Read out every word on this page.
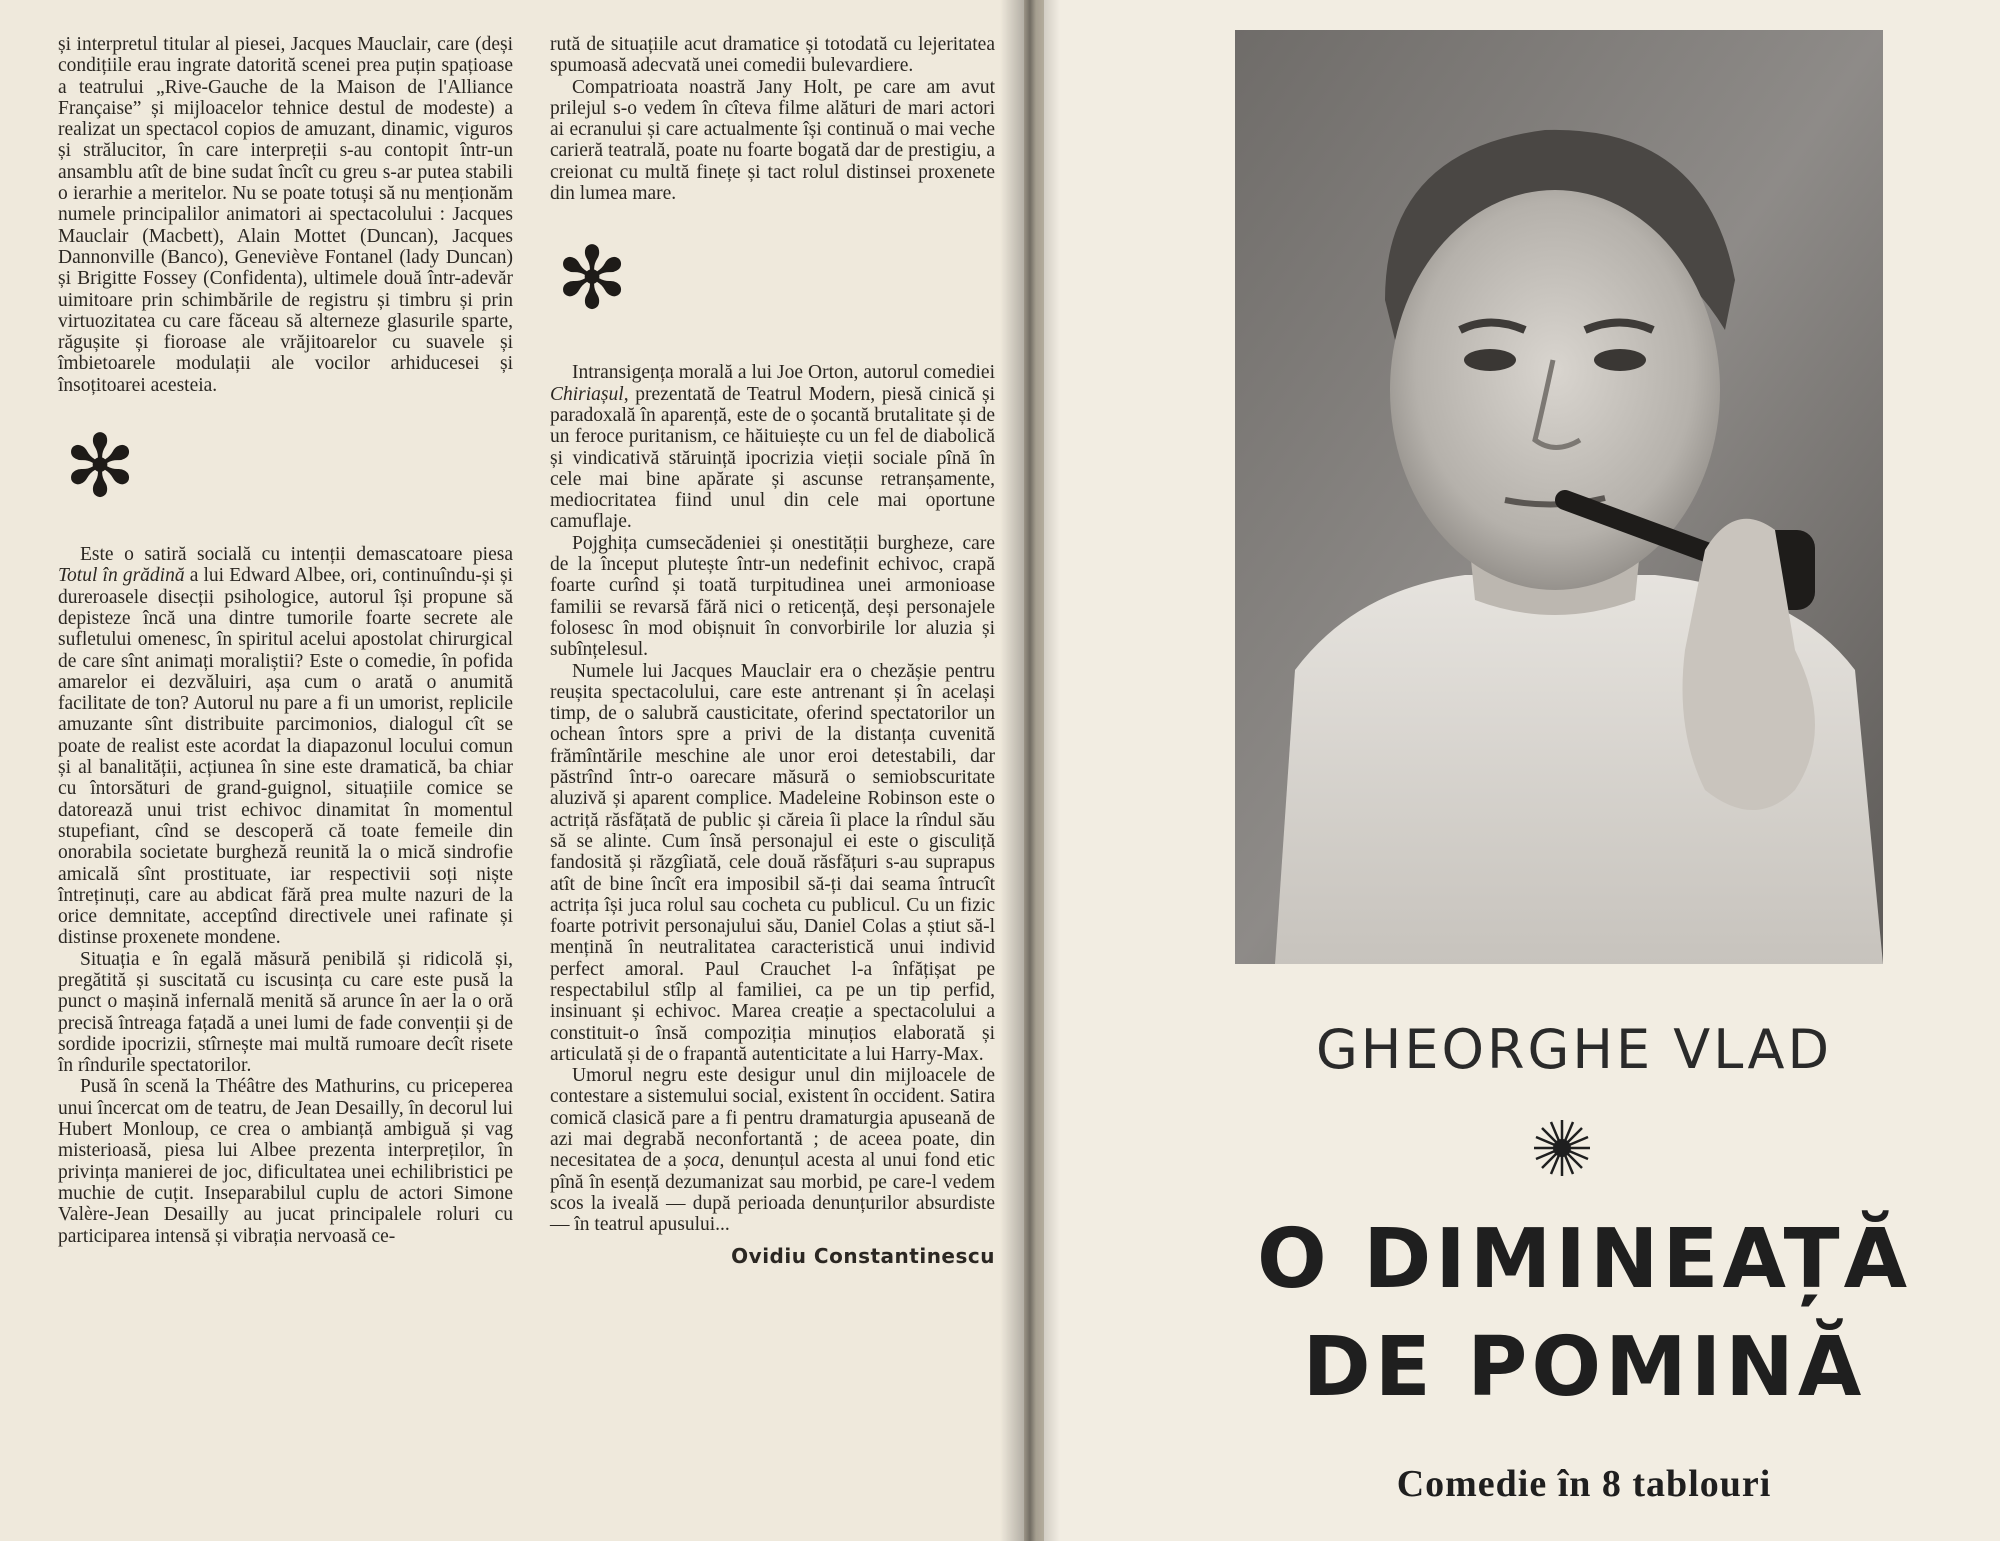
și interpretul titular al piesei, Jacques Mauclair, care (deși condițiile erau ingrate datorită scenei prea puțin spațioase a teatrului „Rive-Gauche de la Maison de l'Alliance Française” și mijloacelor tehnice destul de modeste) a realizat un spectacol copios de amuzant, dinamic, viguros și strălucitor, în care interpreții s-au contopit într-un ansamblu atît de bine sudat încît cu greu s-ar putea stabili o ierarhie a meritelor. Nu se poate totuși să nu menționăm numele principalilor animatori ai spectacolului : Jacques Mauclair (Macbett), Alain Mottet (Duncan), Jacques Dannonville (Banco), Geneviève Fontanel (lady Duncan) și Brigitte Fossey (Confidenta), ultimele două într-adevăr uimitoare prin schimbările de registru și timbru și prin virtuozitatea cu care făceau să alterneze glasurile sparte, răgușite și fioroase ale vrăjitoarelor cu suavele și îmbietoarele modulații ale vocilor arhiducesei și însoțitoarei acesteia.

✻

Este o satiră socială cu intenții demascatoare piesa Totul în grădină a lui Edward Albee, ori, continuîndu-și și dureroasele disecții psihologice, autorul își propune să depisteze încă una dintre tumorile foarte secrete ale sufletului omenesc, în spiritul acelui apostolat chirurgical de care sînt animați moraliștii? Este o comedie, în pofida amarelor ei dezvăluiri, așa cum o arată o anumită facilitate de ton? Autorul nu pare a fi un umorist, replicile amuzante sînt distribuite parcimonios, dialogul cît se poate de realist este acordat la diapazonul locului comun și al banalității, acțiunea în sine este dramatică, ba chiar cu întorsături de grand-guignol, situațiile comice se datorează unui trist echivoc dinamitat în momentul stupefiant, cînd se descoperă că toate femeile din onorabila societate burgheză reunită la o mică sindrofie amicală sînt prostituate, iar respectivii soți niște întreținuți, care au abdicat fără prea multe nazuri de la orice demnitate, acceptînd directivele unei rafinate și distinse proxenete mondene.

Situația e în egală măsură penibilă și ridicolă și, pregătită și suscitată cu iscusința cu care este pusă la punct o mașină infernală menită să arunce în aer la o oră precisă întreaga fațadă a unei lumi de fade convenții și de sordide ipocrizii, stîrnește mai multă rumoare decît risete în rîndurile spectatorilor.

Pusă în scenă la Théâtre des Mathurins, cu priceperea unui încercat om de teatru, de Jean Desailly, în decorul lui Hubert Monloup, ce crea o ambianță ambiguă și vag misterioasă, piesa lui Albee prezenta interpreților, în privința manierei de joc, dificultatea unei echilibristici pe muchie de cuțit. Inseparabilul cuplu de actori Simone Valère-Jean Desailly au jucat principalele roluri cu participarea intensă și vibrația nervoasă ce-

rută de situațiile acut dramatice și totodată cu lejeritatea spumoasă adecvată unei comedii bulevardiere.

Compatrioata noastră Jany Holt, pe care am avut prilejul s-o vedem în cîteva filme alături de mari actori ai ecranului și care actualmente își continuă o mai veche carieră teatrală, poate nu foarte bogată dar de prestigiu, a creionat cu multă finețe și tact rolul distinsei proxenete din lumea mare.

✻

Intransigența morală a lui Joe Orton, autorul comediei Chiriașul, prezentată de Teatrul Modern, piesă cinică și paradoxală în aparență, este de o șocantă brutalitate și de un feroce puritanism, ce hăituiește cu un fel de diabolică și vindicativă stăruință ipocrizia vieții sociale pînă în cele mai bine apărate și ascunse retranșamente, mediocritatea fiind unul din cele mai oportune camuflaje.

Pojghița cumsecădeniei și onestității burgheze, care de la început plutește într-un nedefinit echivoc, crapă foarte curînd și toată turpitudinea unei armonioase familii se revarsă fără nici o reticență, deși personajele folosesc în mod obișnuit în convorbirile lor aluzia și subînțelesul.

Numele lui Jacques Mauclair era o chezășie pentru reușita spectacolului, care este antrenant și în același timp, de o salubră causticitate, oferind spectatorilor un ochean întors spre a privi de la distanța cuvenită frămîntările meschine ale unor eroi detestabili, dar păstrînd într-o oarecare măsură o semiobscuritate aluzivă și aparent complice. Madeleine Robinson este o actriță răsfățată de public și căreia îi place la rîndul său să se alinte. Cum însă personajul ei este o gisculiță fandosită și răzgîiată, cele două răsfățuri s-au suprapus atît de bine încît era imposibil să-ți dai seama întrucît actrița își juca rolul sau cocheta cu publicul. Cu un fizic foarte potrivit personajului său, Daniel Colas a știut să-l mențină în neutralitatea caracteristică unui individ perfect amoral. Paul Crauchet l-a înfățișat pe respectabilul stîlp al familiei, ca pe un tip perfid, insinuant și echivoc. Marea creație a spectacolului a constituit-o însă compoziția minuțios elaborată și articulată și de o frapantă autenticitate a lui Harry-Max.

Umorul negru este desigur unul din mijloacele de contestare a sistemului social, existent în occident. Satira comică clasică pare a fi pentru dramaturgia apuseană de azi mai degrabă neconfortantă ; de aceea poate, din necesitatea de a șoca, denunțul acesta al unui fond etic pînă în esență dezumanizat sau morbid, pe care-l vedem scos la iveală — după perioada denunțurilor absurdiste — în teatrul apusului...

Ovidiu Constantinescu
GHEORGHE VLAD
O DIMINEAȚĂ
DE POMINĂ
Comedie în 8 tablouri
